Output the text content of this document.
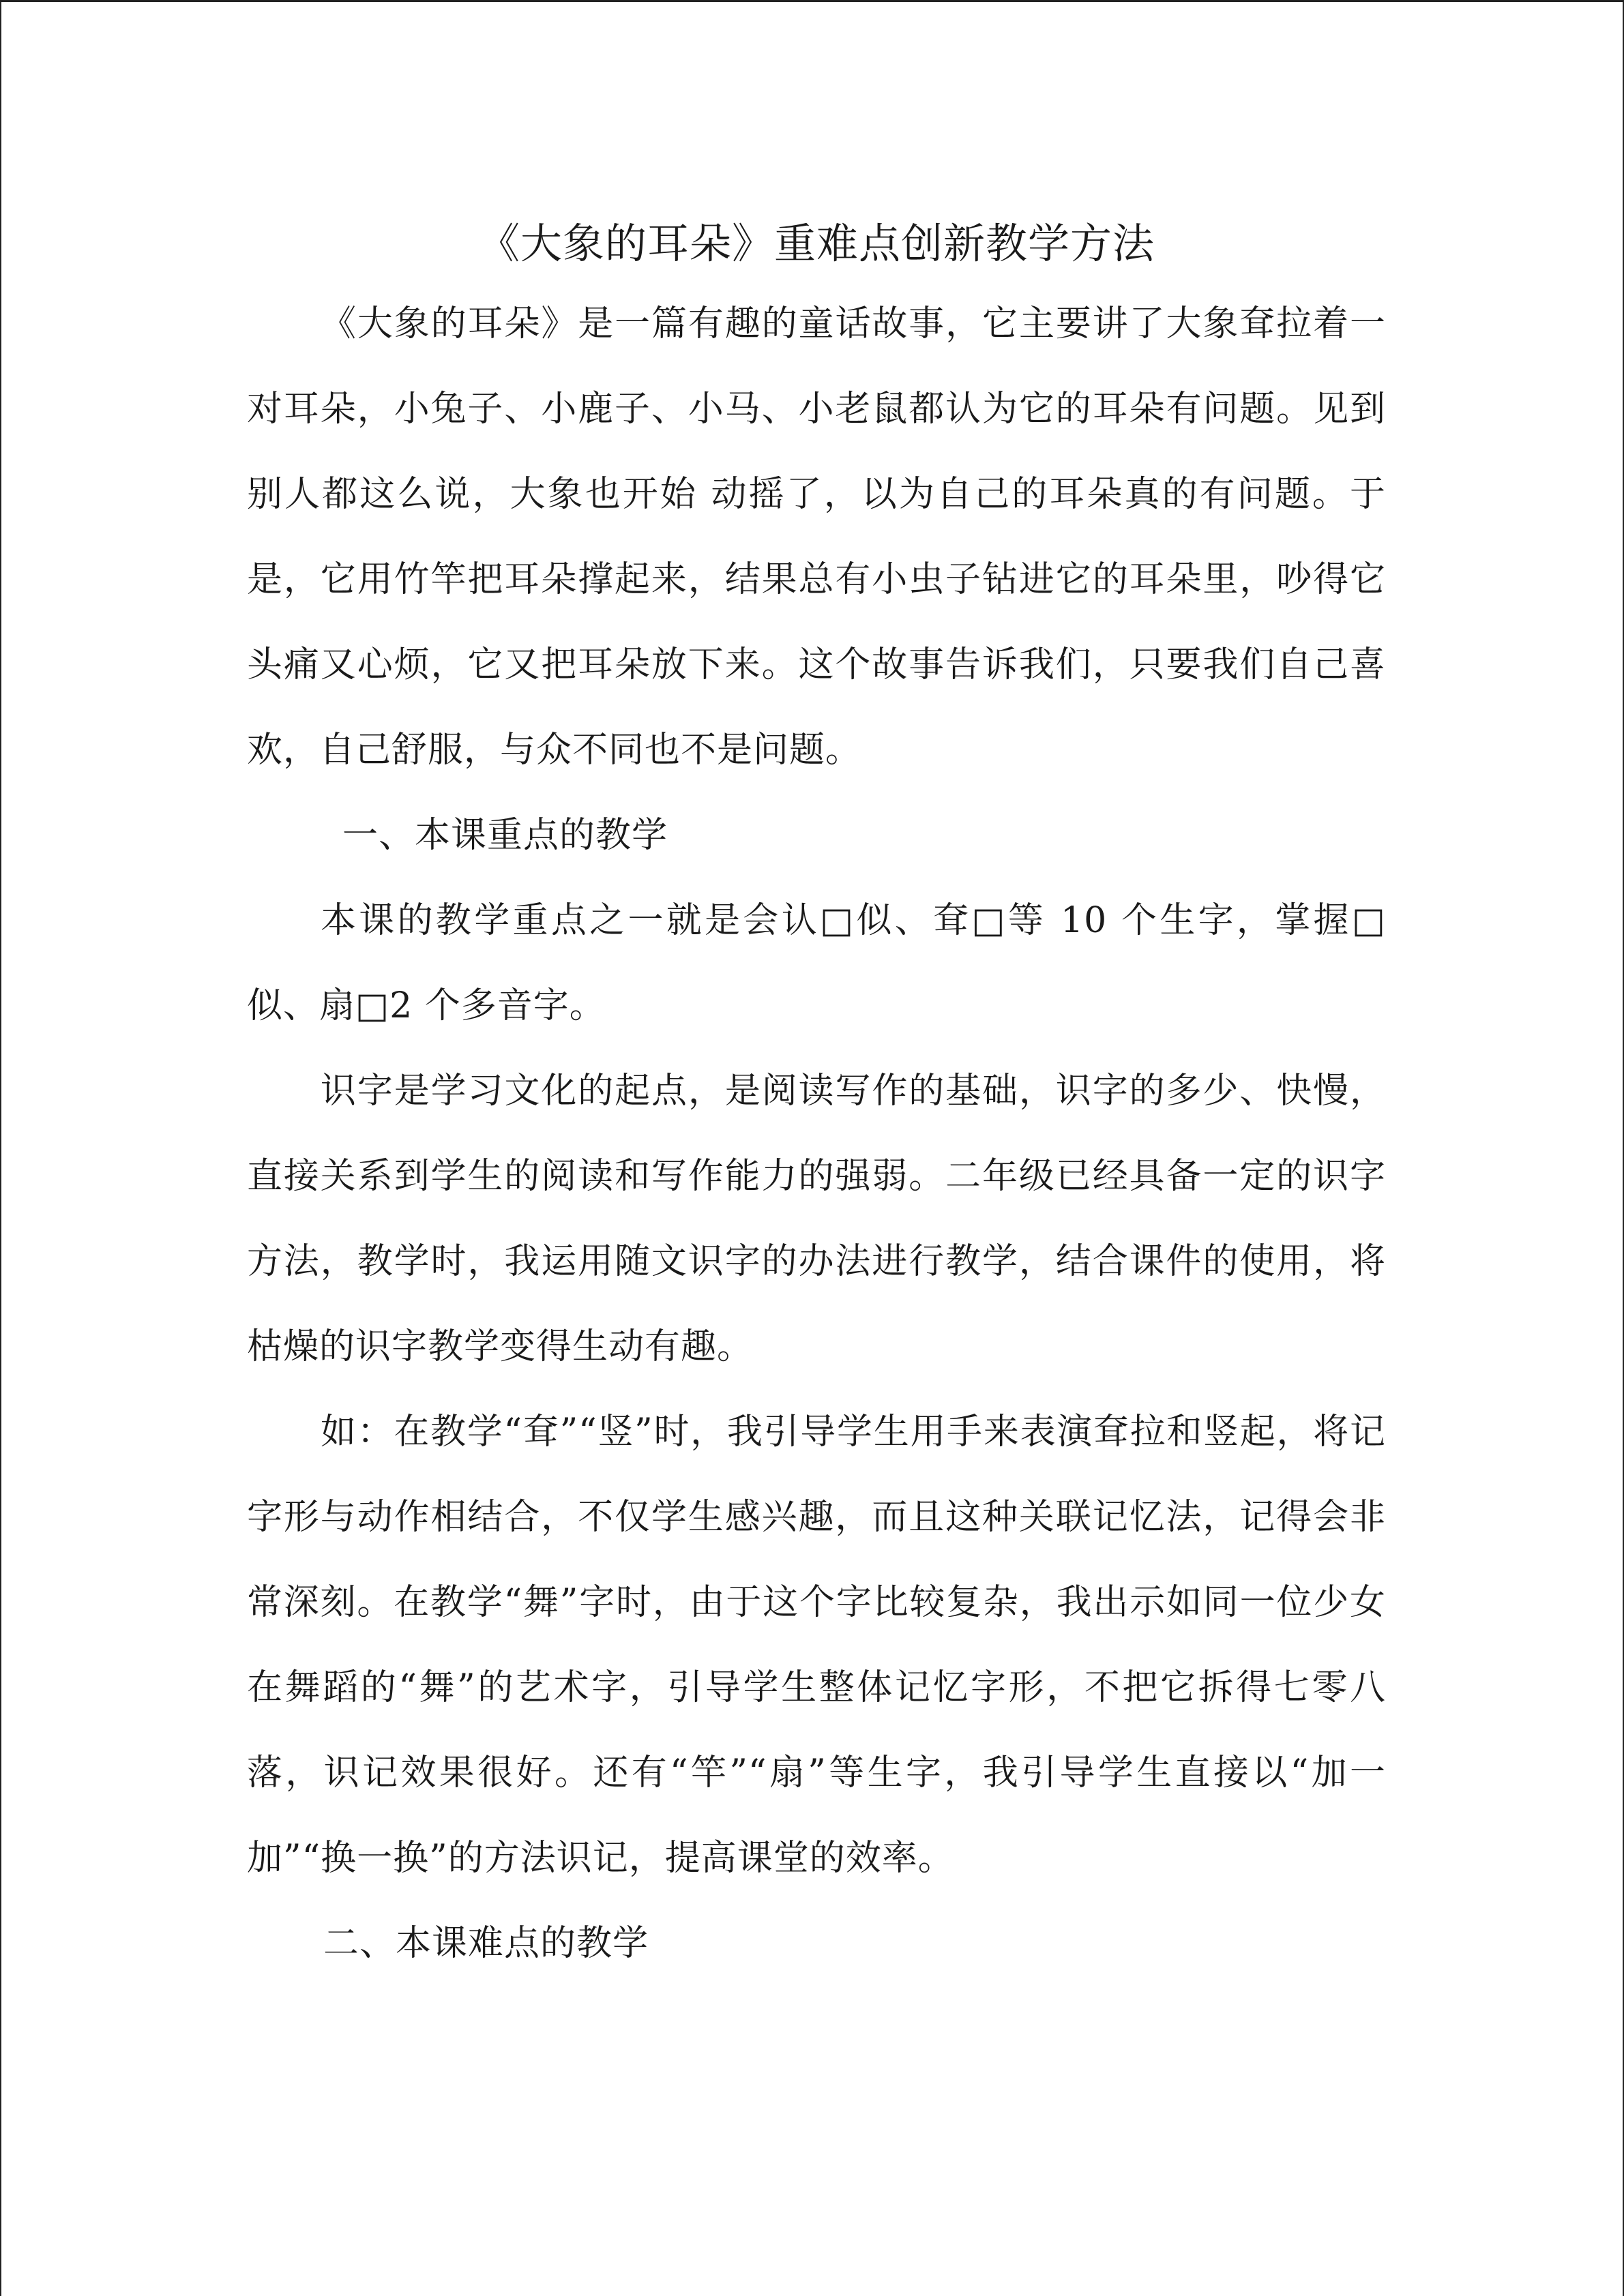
《大象的耳朵》重难点创新教学方法

《大象的耳朵》是一篇有趣的童话故事，它主要讲了大象耷拉着一对耳朵，小兔子、小鹿子、小马、小老鼠都认为它的耳朵有问题。见到别人都这么说，大象也开始 动摇了，以为自己的耳朵真的有问题。于是，它用竹竿把耳朵撑起来，结果总有小虫子钻进它的耳朵里，吵得它头痛又心烦，它又把耳朵放下来。这个故事告诉我们，只要我们自己喜欢，自己舒服，与众不同也不是问题。

一、本课重点的教学

本课的教学重点之一就是会认□似、耷□等 10 个生字，掌握□似、扇□2 个多音字。

识字是学习文化的起点，是阅读写作的基础，识字的多少、快慢，直接关系到学生的阅读和写作能力的强弱。二年级已经具备一定的识字方法，教学时，我运用随文识字的办法进行教学，结合课件的使用，将枯燥的识字教学变得生动有趣。

如：在教学“耷”“竖”时，我引导学生用手来表演耷拉和竖起，将记字形与动作相结合，不仅学生感兴趣，而且这种关联记忆法，记得会非常深刻。在教学“舞”字时，由于这个字比较复杂，我出示如同一位少女在舞蹈的“舞”的艺术字，引导学生整体记忆字形，不把它拆得七零八落，识记效果很好。还有“竿”“扇”等生字，我引导学生直接以“加一加”“换一换”的方法识记，提高课堂的效率。

二、本课难点的教学
